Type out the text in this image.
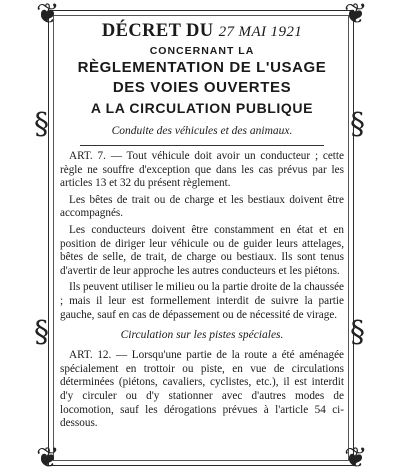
❦	❦
❦	❦
§
§
§
§
DÉCRET DU 27 MAI 1921
CONCERNANT LA
RÈGLEMENTATION DE L'USAGE
DES VOIES OUVERTES
A LA CIRCULATION PUBLIQUE
Conduite des véhicules et des animaux.

ART. 7. — Tout véhicule doit avoir un conducteur ; cette règle ne souffre d'exception que dans les cas prévus par les articles 13 et 32 du présent règlement.

Les bêtes de trait ou de charge et les bestiaux doivent être accompagnés.

Les conducteurs doivent être constamment en état et en position de diriger leur véhicule ou de guider leurs attelages, bêtes de selle, de trait, de charge ou bestiaux. Ils sont tenus d'avertir de leur approche les autres conducteurs et les piétons.

Ils peuvent utiliser le milieu ou la partie droite de la chaussée ; mais il leur est formellement interdit de suivre la partie gauche, sauf en cas de dépassement ou de nécessité de virage.

Circulation sur les pistes spéciales.

ART. 12. — Lorsqu'une partie de la route a été aménagée spécialement en trottoir ou piste, en vue de circulations déterminées (piétons, cavaliers, cyclistes, etc.), il est interdit d'y circuler ou d'y stationner avec d'autres modes de locomotion, sauf les dérogations prévues à l'article 54 ci-dessous.
